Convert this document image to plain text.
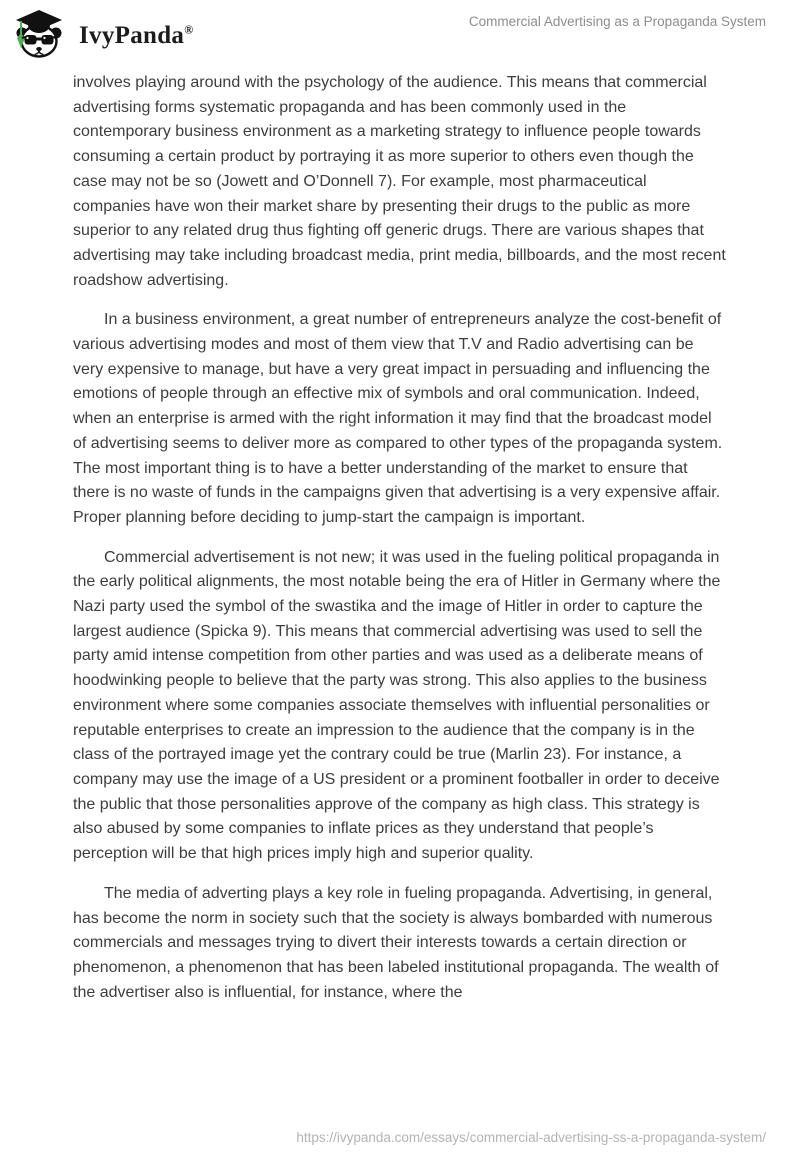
IvyPanda®
Commercial Advertising as a Propaganda System

involves playing around with the psychology of the audience. This means that commercial advertising forms systematic propaganda and has been commonly used in the contemporary business environment as a marketing strategy to influence people towards consuming a certain product by portraying it as more superior to others even though the case may not be so (Jowett and O’Donnell 7). For example, most pharmaceutical companies have won their market share by presenting their drugs to the public as more superior to any related drug thus fighting off generic drugs. There are various shapes that advertising may take including broadcast media, print media, billboards, and the most recent roadshow advertising.

In a business environment, a great number of entrepreneurs analyze the cost-benefit of various advertising modes and most of them view that T.V and Radio advertising can be very expensive to manage, but have a very great impact in persuading and influencing the emotions of people through an effective mix of symbols and oral communication. Indeed, when an enterprise is armed with the right information it may find that the broadcast model of advertising seems to deliver more as compared to other types of the propaganda system. The most important thing is to have a better understanding of the market to ensure that there is no waste of funds in the campaigns given that advertising is a very expensive affair. Proper planning before deciding to jump-start the campaign is important.

Commercial advertisement is not new; it was used in the fueling political propaganda in the early political alignments, the most notable being the era of Hitler in Germany where the Nazi party used the symbol of the swastika and the image of Hitler in order to capture the largest audience (Spicka 9). This means that commercial advertising was used to sell the party amid intense competition from other parties and was used as a deliberate means of hoodwinking people to believe that the party was strong. This also applies to the business environment where some companies associate themselves with influential personalities or reputable enterprises to create an impression to the audience that the company is in the class of the portrayed image yet the contrary could be true (Marlin 23). For instance, a company may use the image of a US president or a prominent footballer in order to deceive the public that those personalities approve of the company as high class. This strategy is also abused by some companies to inflate prices as they understand that people’s perception will be that high prices imply high and superior quality.

The media of adverting plays a key role in fueling propaganda. Advertising, in general, has become the norm in society such that the society is always bombarded with numerous commercials and messages trying to divert their interests towards a certain direction or phenomenon, a phenomenon that has been labeled institutional propaganda. The wealth of the advertiser also is influential, for instance, where the

https://ivypanda.com/essays/commercial-advertising-ss-a-propaganda-system/
